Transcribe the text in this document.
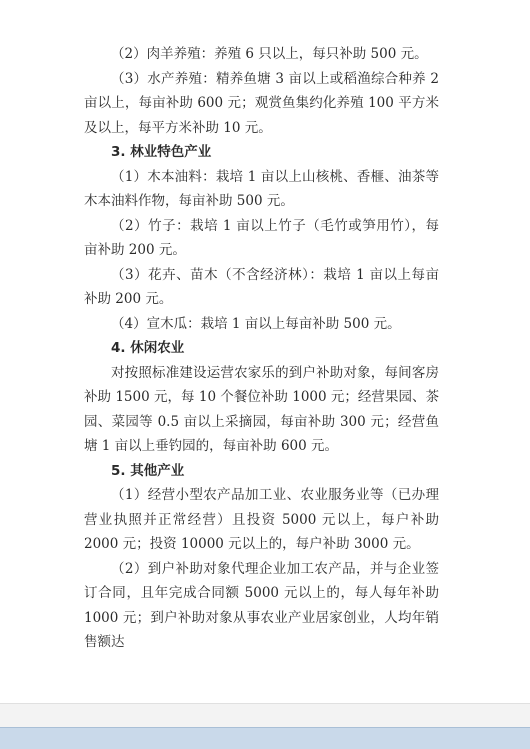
（2）肉羊养殖：养殖 6 只以上，每只补助 500 元。

（3）水产养殖：精养鱼塘 3 亩以上或稻渔综合种养 2 亩以上，每亩补助 600 元；观赏鱼集约化养殖 100 平方米及以上，每平方米补助 10 元。

3. 林业特色产业

（1）木本油料：栽培 1 亩以上山核桃、香榧、油茶等木本油料作物，每亩补助 500 元。

（2）竹子：栽培 1 亩以上竹子（毛竹或笋用竹），每亩补助 200 元。

（3）花卉、苗木（不含经济林）：栽培 1 亩以上每亩补助 200 元。

（4）宣木瓜：栽培 1 亩以上每亩补助 500 元。

4. 休闲农业

对按照标准建设运营农家乐的到户补助对象，每间客房补助 1500 元，每 10 个餐位补助 1000 元；经营果园、茶园、菜园等 0.5 亩以上采摘园，每亩补助 300 元；经营鱼塘 1 亩以上垂钓园的，每亩补助 600 元。

5. 其他产业

（1）经营小型农产品加工业、农业服务业等（已办理营业执照并正常经营）且投资 5000 元以上，每户补助 2000 元；投资 10000 元以上的，每户补助 3000 元。

（2）到户补助对象代理企业加工农产品，并与企业签订合同，且年完成合同额 5000 元以上的，每人每年补助 1000 元；到户补助对象从事农业产业居家创业，人均年销售额达
